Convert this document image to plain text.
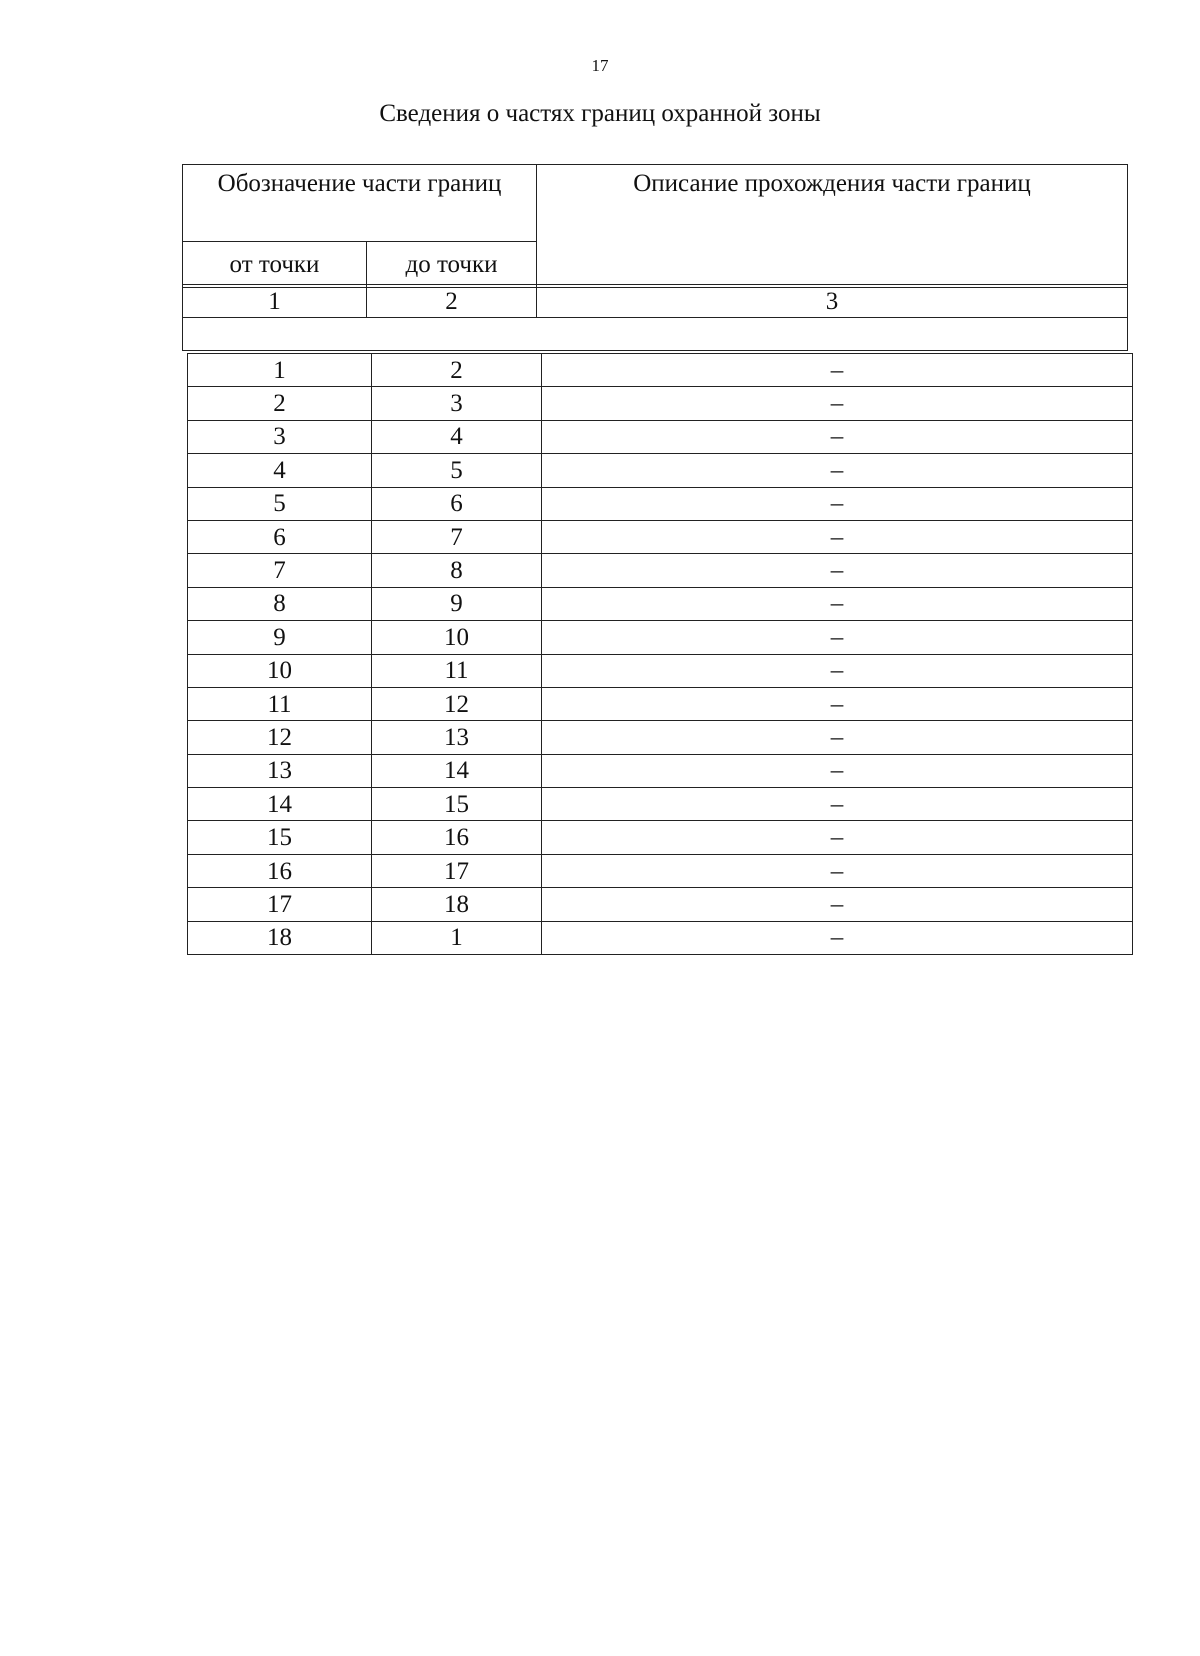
17
Сведения о частях границ охранной зоны
Обозначение части границ		Описание прохождения части границ
от точки	до точки	
1	2	3

1	2	–
2	3	–
3	4	–
4	5	–
5	6	–
6	7	–
7	8	–
8	9	–
9	10	–
10	11	–
11	12	–
12	13	–
13	14	–
14	15	–
15	16	–
16	17	–
17	18	–
18	1	–
